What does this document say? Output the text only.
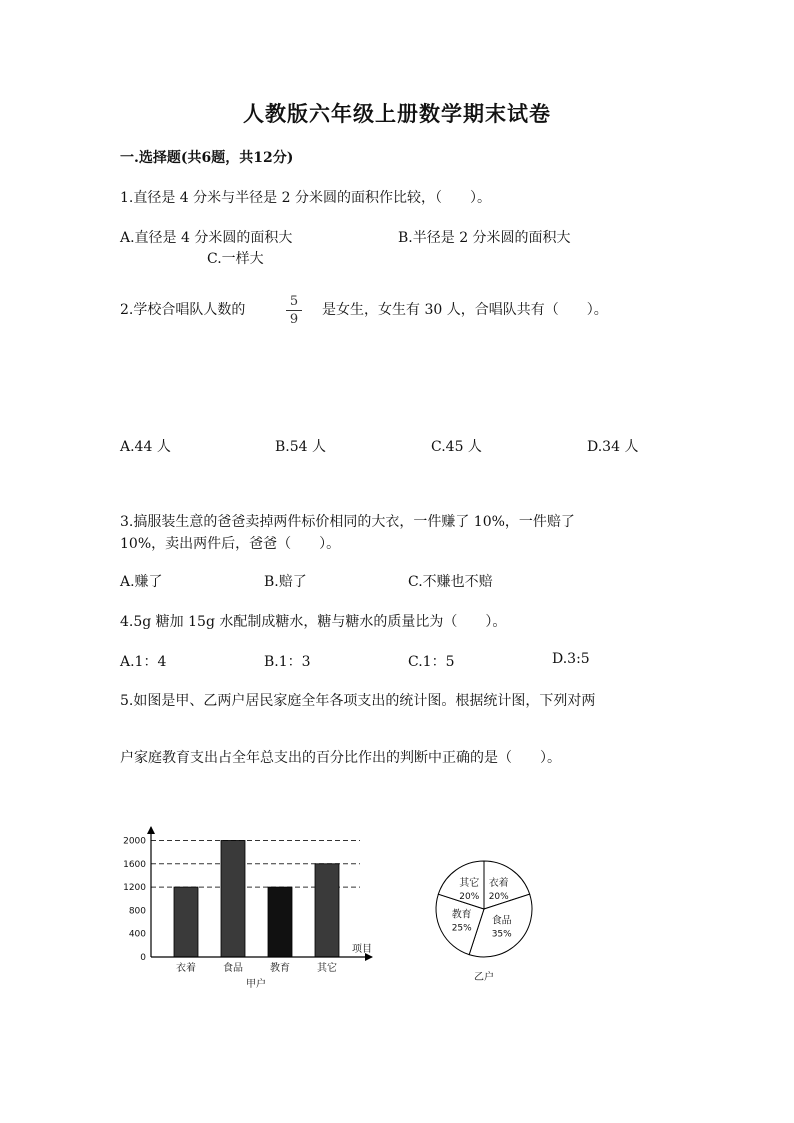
人教版六年级上册数学期末试卷
一.选择题(共6题，共12分)
1.直径是 4 分米与半径是 2 分米圆的面积作比较，（　　）。
A.直径是 4 分米圆的面积大	B.半径是 2 分米圆的面积大
C.一样大
2.学校合唱队人数的
5
9
是女生，女生有 30 人，合唱队共有（　　）。
A.44 人	B.54 人	C.45 人	D.34 人
3.搞服装生意的爸爸卖掉两件标价相同的大衣，一件赚了 10%，一件赔了
10%，卖出两件后，爸爸（　　）。
A.赚了	B.赔了	C.不赚也不赔
4.5g 糖加 15g 水配制成糖水，糖与糖水的质量比为（　　）。
A.1：4	B.1：3	C.1：5	D.3:5
5.如图是甲、乙两户居民家庭全年各项支出的统计图。根据统计图，下列对两
户家庭教育支出占全年总支出的百分比作出的判断中正确的是（　　）。
衣着	食品	教育	其它
0
400
800
1200
1600
2000
项目
甲户
衣着
20%
食品
35%
教育
25%
其它
20%
乙户
